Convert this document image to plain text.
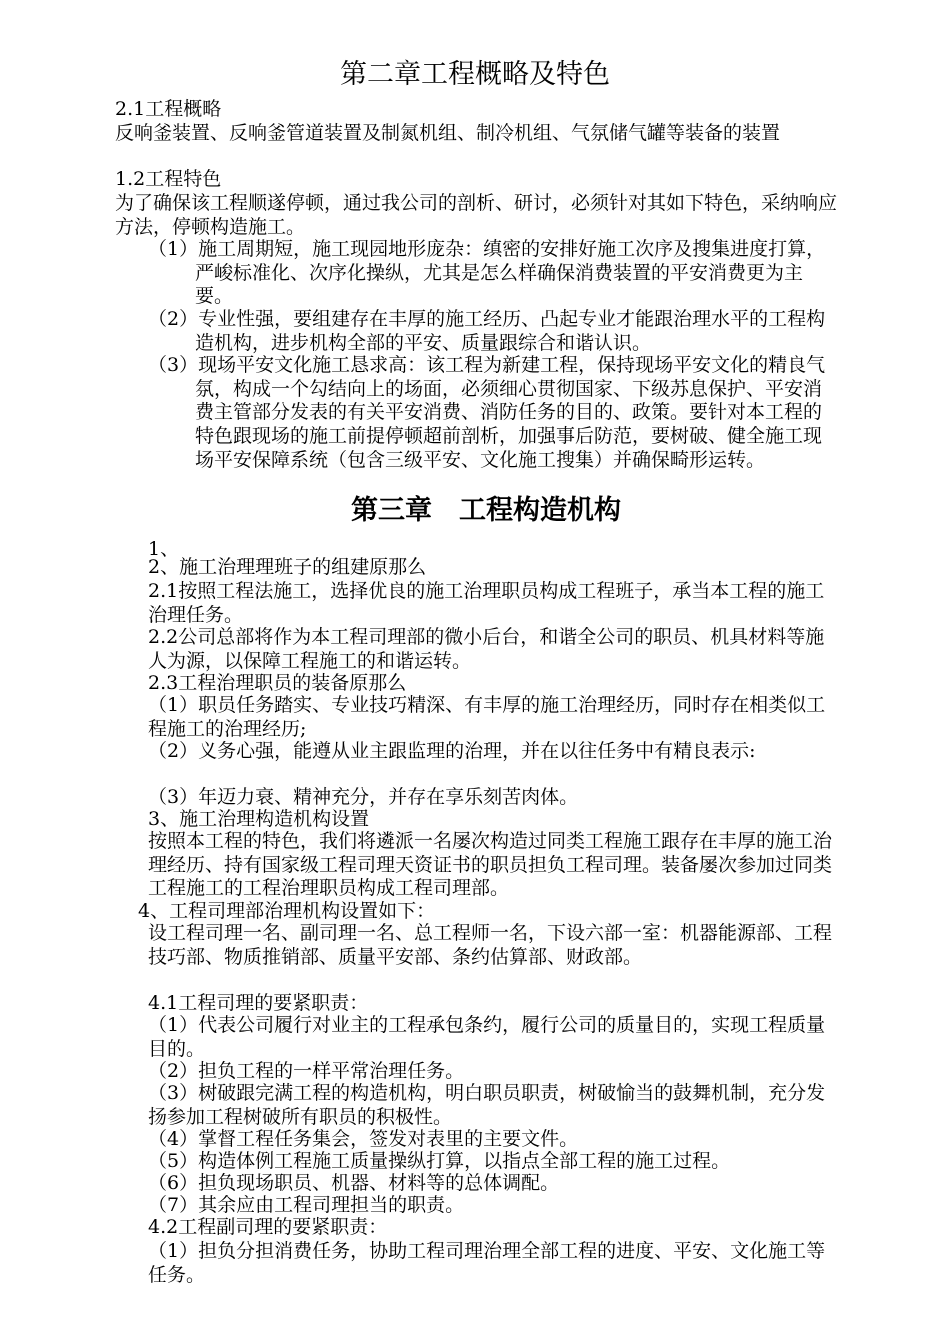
第二章工程概略及特色
2.1工程概略
反响釜装置、反响釜管道装置及制氮机组、制冷机组、气氛储气罐等装备的装置
1.2工程特色
为了确保该工程顺遂停顿，通过我公司的剖析、研讨，必须针对其如下特色，采纳响应方法，停顿构造施工。
（1）施工周期短，施工现园地形庞杂：缜密的安排好施工次序及搜集进度打算，严峻标准化、次序化操纵，尤其是怎么样确保消费装置的平安消费更为主要。
（2）专业性强，要组建存在丰厚的施工经历、凸起专业才能跟治理水平的工程构造机构，进步机构全部的平安、质量跟综合和谐认识。
（3）现场平安文化施工恳求高：该工程为新建工程，保持现场平安文化的精良气氛，构成一个勾结向上的场面，必须细心贯彻国家、下级苏息保护、平安消费主管部分发表的有关平安消费、消防任务的目的、政策。要针对本工程的特色跟现场的施工前提停顿超前剖析，加强事后防范，要树破、健全施工现场平安保障系统（包含三级平安、文化施工搜集）并确保畸形运转。
第三章　工程构造机构
1、
2、施工治理理班子的组建原那么
2.1按照工程法施工，选择优良的施工治理职员构成工程班子，承当本工程的施工治理任务。
2.2公司总部将作为本工程司理部的微小后台，和谐全公司的职员、机具材料等施人为源，以保障工程施工的和谐运转。
2.3工程治理职员的装备原那么
（1）职员任务踏实、专业技巧精深、有丰厚的施工治理经历，同时存在相类似工程施工的治理经历;
（2）义务心强，能遵从业主跟监理的治理，并在以往任务中有精良表示:
（3）年迈力衰、精神充分，并存在享乐刻苦肉体。
3、施工治理构造机构设置
按照本工程的特色，我们将遴派一名屡次构造过同类工程施工跟存在丰厚的施工治理经历、持有国家级工程司理天资证书的职员担负工程司理。装备屡次参加过同类工程施工的工程治理职员构成工程司理部。
4、工程司理部治理机构设置如下：
设工程司理一名、副司理一名、总工程师一名，下设六部一室：机器能源部、工程技巧部、物质推销部、质量平安部、条约估算部、财政部。
4.1工程司理的要紧职责：
（1）代表公司履行对业主的工程承包条约，履行公司的质量目的，实现工程质量目的。
（2）担负工程的一样平常治理任务。
（3）树破跟完满工程的构造机构，明白职员职责，树破愉当的鼓舞机制，充分发扬参加工程树破所有职员的积极性。
（4）掌督工程任务集会，签发对表里的主要文件。
（5）构造体例工程施工质量操纵打算，以指点全部工程的施工过程。
（6）担负现场职员、机器、材料等的总体调配。
（7）其余应由工程司理担当的职责。
4.2工程副司理的要紧职责：
（1）担负分担消费任务，协助工程司理治理全部工程的进度、平安、文化施工等任务。
